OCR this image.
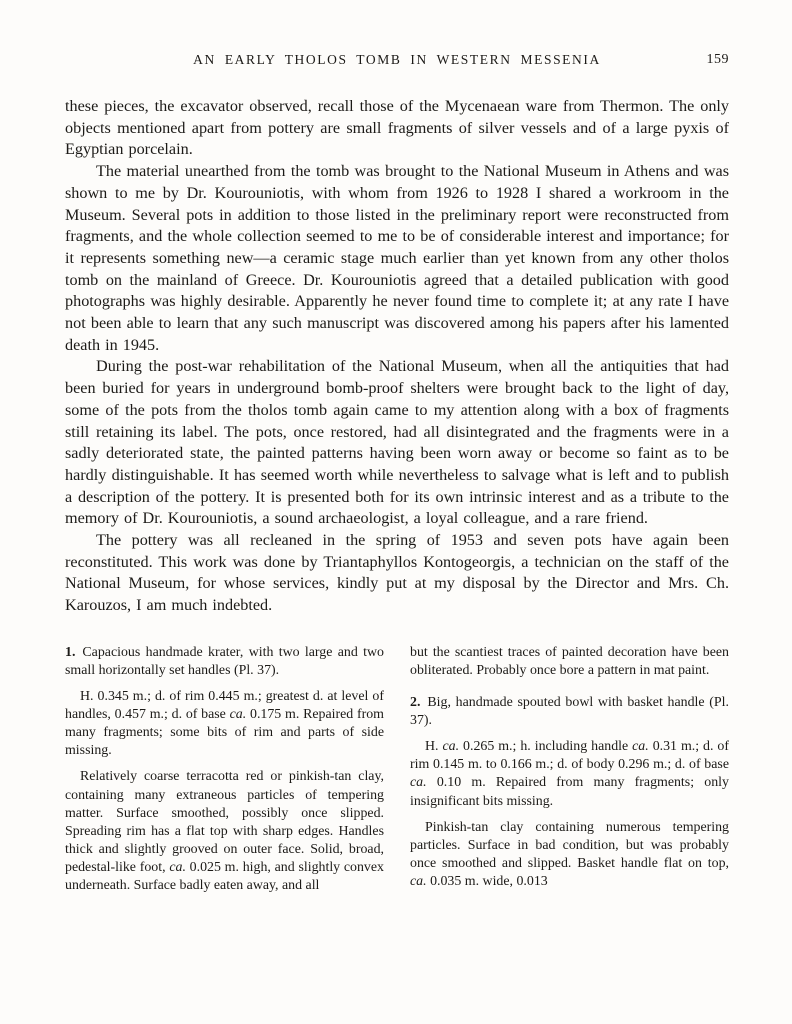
AN EARLY THOLOS TOMB IN WESTERN MESSENIA	159

these pieces, the excavator observed, recall those of the Mycenaean ware from Thermon. The only objects mentioned apart from pottery are small fragments of silver vessels and of a large pyxis of Egyptian porcelain.

The material unearthed from the tomb was brought to the National Museum in Athens and was shown to me by Dr. Kourouniotis, with whom from 1926 to 1928 I shared a workroom in the Museum. Several pots in addition to those listed in the preliminary report were reconstructed from fragments, and the whole collection seemed to me to be of considerable interest and importance; for it represents something new—a ceramic stage much earlier than yet known from any other tholos tomb on the mainland of Greece. Dr. Kourouniotis agreed that a detailed publication with good photographs was highly desirable. Apparently he never found time to complete it; at any rate I have not been able to learn that any such manuscript was discovered among his papers after his lamented death in 1945.

During the post-war rehabilitation of the National Museum, when all the antiquities that had been buried for years in underground bomb-proof shelters were brought back to the light of day, some of the pots from the tholos tomb again came to my attention along with a box of fragments still retaining its label. The pots, once restored, had all disintegrated and the fragments were in a sadly deteriorated state, the painted patterns having been worn away or become so faint as to be hardly distinguishable. It has seemed worth while nevertheless to salvage what is left and to publish a description of the pottery. It is presented both for its own intrinsic interest and as a tribute to the memory of Dr. Kourouniotis, a sound archaeologist, a loyal colleague, and a rare friend.

The pottery was all recleaned in the spring of 1953 and seven pots have again been reconstituted. This work was done by Triantaphyllos Kontogeorgis, a technician on the staff of the National Museum, for whose services, kindly put at my disposal by the Director and Mrs. Ch. Karouzos, I am much indebted.

1. Capacious handmade krater, with two large and two small horizontally set handles (Pl. 37).

H. 0.345 m.; d. of rim 0.445 m.; greatest d. at level of handles, 0.457 m.; d. of base ca. 0.175 m. Repaired from many fragments; some bits of rim and parts of side missing.

Relatively coarse terracotta red or pinkish-tan clay, containing many extraneous particles of tempering matter. Surface smoothed, possibly once slipped. Spreading rim has a flat top with sharp edges. Handles thick and slightly grooved on outer face. Solid, broad, pedestal-like foot, ca. 0.025 m. high, and slightly convex underneath. Surface badly eaten away, and all

but the scantiest traces of painted decoration have been obliterated. Probably once bore a pattern in mat paint.

2. Big, handmade spouted bowl with basket handle (Pl. 37).

H. ca. 0.265 m.; h. including handle ca. 0.31 m.; d. of rim 0.145 m. to 0.166 m.; d. of body 0.296 m.; d. of base ca. 0.10 m. Repaired from many fragments; only insignificant bits missing.

Pinkish-tan clay containing numerous tempering particles. Surface in bad condition, but was probably once smoothed and slipped. Basket handle flat on top, ca. 0.035 m. wide, 0.013
